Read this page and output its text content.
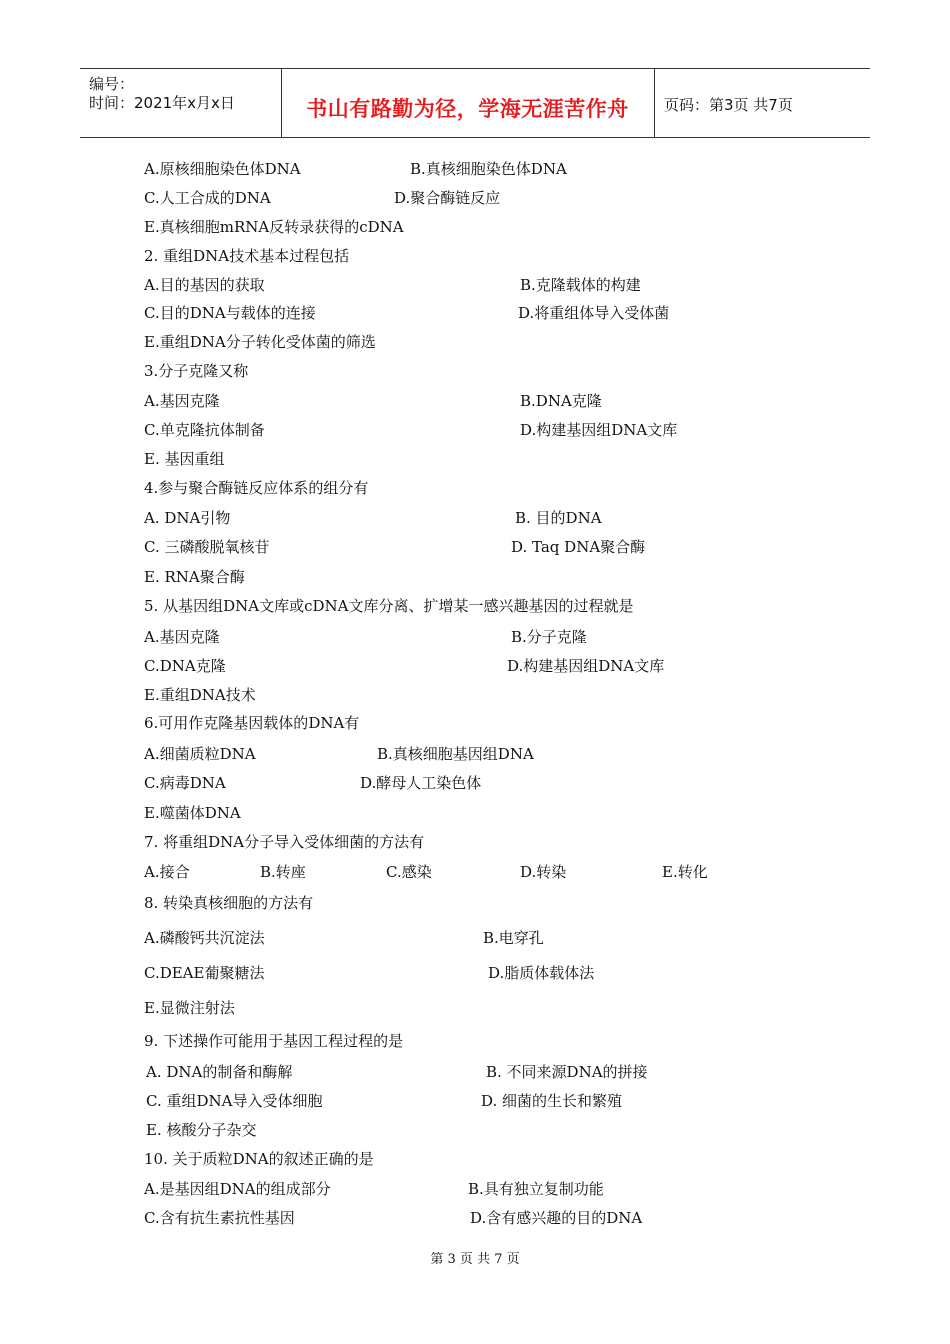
编号：
时间：2021年x月x日	书山有路勤为径，学海无涯苦作舟	页码：第3页 共7页
A.原核细胞染色体DNA	B.真核细胞染色体DNA
C.人工合成的DNA	D.聚合酶链反应
E.真核细胞mRNA反转录获得的cDNA
2. 重组DNA技术基本过程包括
A.目的基因的获取	B.克隆载体的构建
C.目的DNA与载体的连接	D.将重组体导入受体菌
E.重组DNA分子转化受体菌的筛选
3.分子克隆又称
A.基因克隆	B.DNA克隆
C.单克隆抗体制备	D.构建基因组DNA文库
E. 基因重组
4.参与聚合酶链反应体系的组分有
A. DNA引物	B. 目的DNA
C. 三磷酸脱氧核苷	D. Taq DNA聚合酶
E. RNA聚合酶
5. 从基因组DNA文库或cDNA文库分离、扩增某一感兴趣基因的过程就是
A.基因克隆	B.分子克隆
C.DNA克隆	D.构建基因组DNA文库
E.重组DNA技术
6.可用作克隆基因载体的DNA有
A.细菌质粒DNA	B.真核细胞基因组DNA
C.病毒DNA	D.酵母人工染色体
E.噬菌体DNA
7. 将重组DNA分子导入受体细菌的方法有
A.接合	B.转座	C.感染	D.转染	E.转化
8. 转染真核细胞的方法有
A.磷酸钙共沉淀法	B.电穿孔
C.DEAE葡聚糖法	D.脂质体载体法
E.显微注射法
9. 下述操作可能用于基因工程过程的是
A. DNA的制备和酶解	B. 不同来源DNA的拼接
C. 重组DNA导入受体细胞	D. 细菌的生长和繁殖
E. 核酸分子杂交
10. 关于质粒DNA的叙述正确的是
A.是基因组DNA的组成部分	B.具有独立复制功能
C.含有抗生素抗性基因	D.含有感兴趣的目的DNA
第 3 页 共 7 页
